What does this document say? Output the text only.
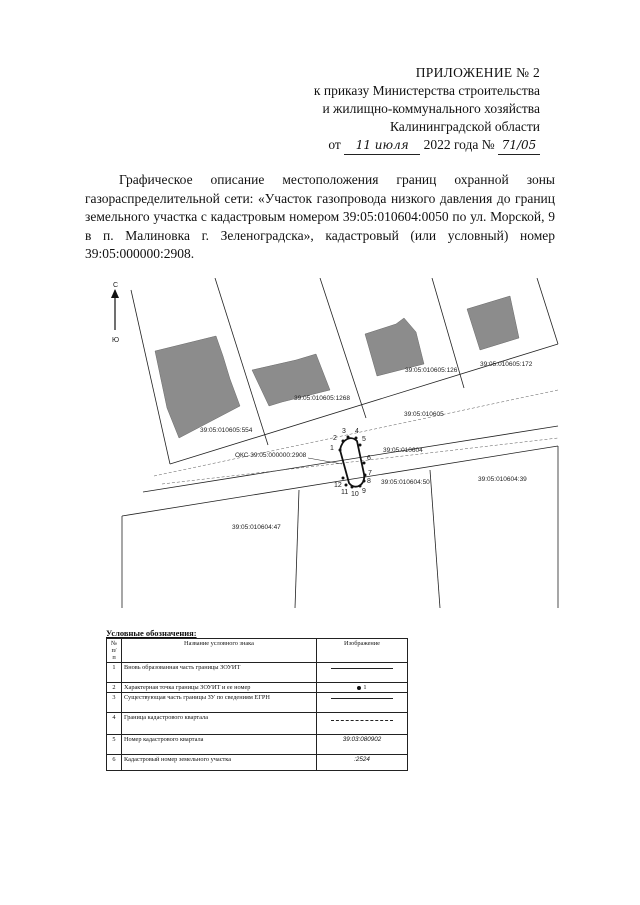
ПРИЛОЖЕНИЕ № 2
к приказу Министерства строительства
и жилищно-коммунального хозяйства
Калининградской области
от 11 июля 2022 года № 71/05

Графическое описание местоположения границ охранной зоны газораспределительной сети: «Участок газопровода низкого давления до границ земельного участка с кадастровым номером 39:05:010604:0050 по ул. Морской, 9 в п. Малиновка г. Зеленоградска», кадастровый (или условный) номер 39:05:000000:2908.

С
Ю
39:05:010605:554
39:05:010605:1268
39:05:010605:126
39:05:010605:172
39:05:010605
39:05:010604
ОКС 39:05:000000:2908
39:05:010604:50	39:05:010604:39
39:05:010604:47
1
2
3 4
5
6
7
8
9
10
11
12
Условные обозначения:
№ п/ п	Название условного знака	Изображение
1	Вновь образованная часть границы ЗОУИТ	

2	Характерная точка границы ЗОУИТ и ее номер	1
3	Существующая часть границы ЗУ по сведениям ЕГРН	

4	Граница кадастрового квартала	

5	Номер кадастрового квартала	39:03:080902
6	Кадастровый номер земельного участка	:2524
